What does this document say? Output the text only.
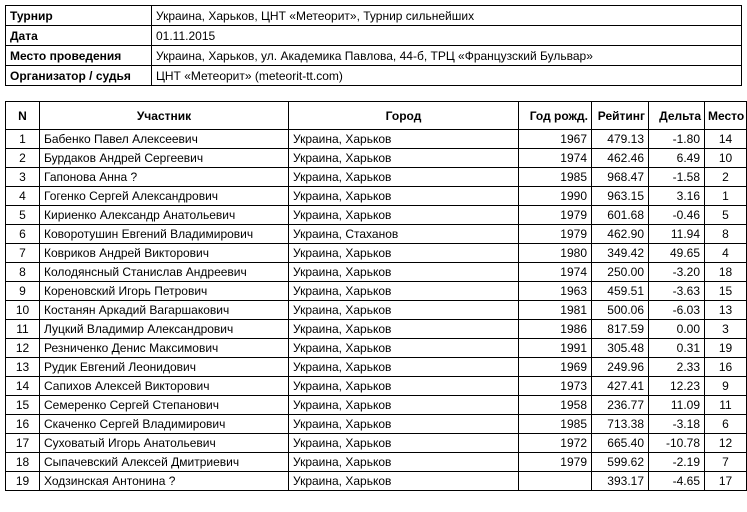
Турнир	Украина, Харьков, ЦНТ «Метеорит», Турнир сильнейших
Дата	01.11.2015
Место проведения	Украина, Харьков, ул. Академика Павлова, 44-б, ТРЦ «Французский Бульвар»
Организатор / судья	ЦНТ «Метеорит» (meteorit-tt.com)
N	Участник	Город	Год рожд.	Рейтинг	Дельта	Место
1	Бабенко Павел Алексеевич	Украина, Харьков	1967	479.13	-1.80	14
2	Бурдаков Андрей Сергеевич	Украина, Харьков	1974	462.46	6.49	10
3	Гапонова Анна ?	Украина, Харьков	1985	968.47	-1.58	2
4	Гогенко Сергей Александрович	Украина, Харьков	1990	963.15	3.16	1
5	Кириенко Александр Анатольевич	Украина, Харьков	1979	601.68	-0.46	5
6	Коворотушин Евгений Владимирович	Украина, Стаханов	1979	462.90	11.94	8
7	Ковриков Андрей Викторович	Украина, Харьков	1980	349.42	49.65	4
8	Колодянсный Станислав Андреевич	Украина, Харьков	1974	250.00	-3.20	18
9	Кореновский Игорь Петрович	Украина, Харьков	1963	459.51	-3.63	15
10	Костанян Аркадий Вагаршакович	Украина, Харьков	1981	500.06	-6.03	13
11	Луцкий Владимир Александрович	Украина, Харьков	1986	817.59	0.00	3
12	Резниченко Денис Максимович	Украина, Харьков	1991	305.48	0.31	19
13	Рудик Евгений Леонидович	Украина, Харьков	1969	249.96	2.33	16
14	Сапихов Алексей Викторович	Украина, Харьков	1973	427.41	12.23	9
15	Семеренко Сергей Степанович	Украина, Харьков	1958	236.77	11.09	11
16	Скаченко Сергей Владимирович	Украина, Харьков	1985	713.38	-3.18	6
17	Суховатый Игорь Анатольевич	Украина, Харьков	1972	665.40	-10.78	12
18	Сыпачевский Алексей Дмитриевич	Украина, Харьков	1979	599.62	-2.19	7
19	Ходзинская Антонина ?	Украина, Харьков		393.17	-4.65	17
